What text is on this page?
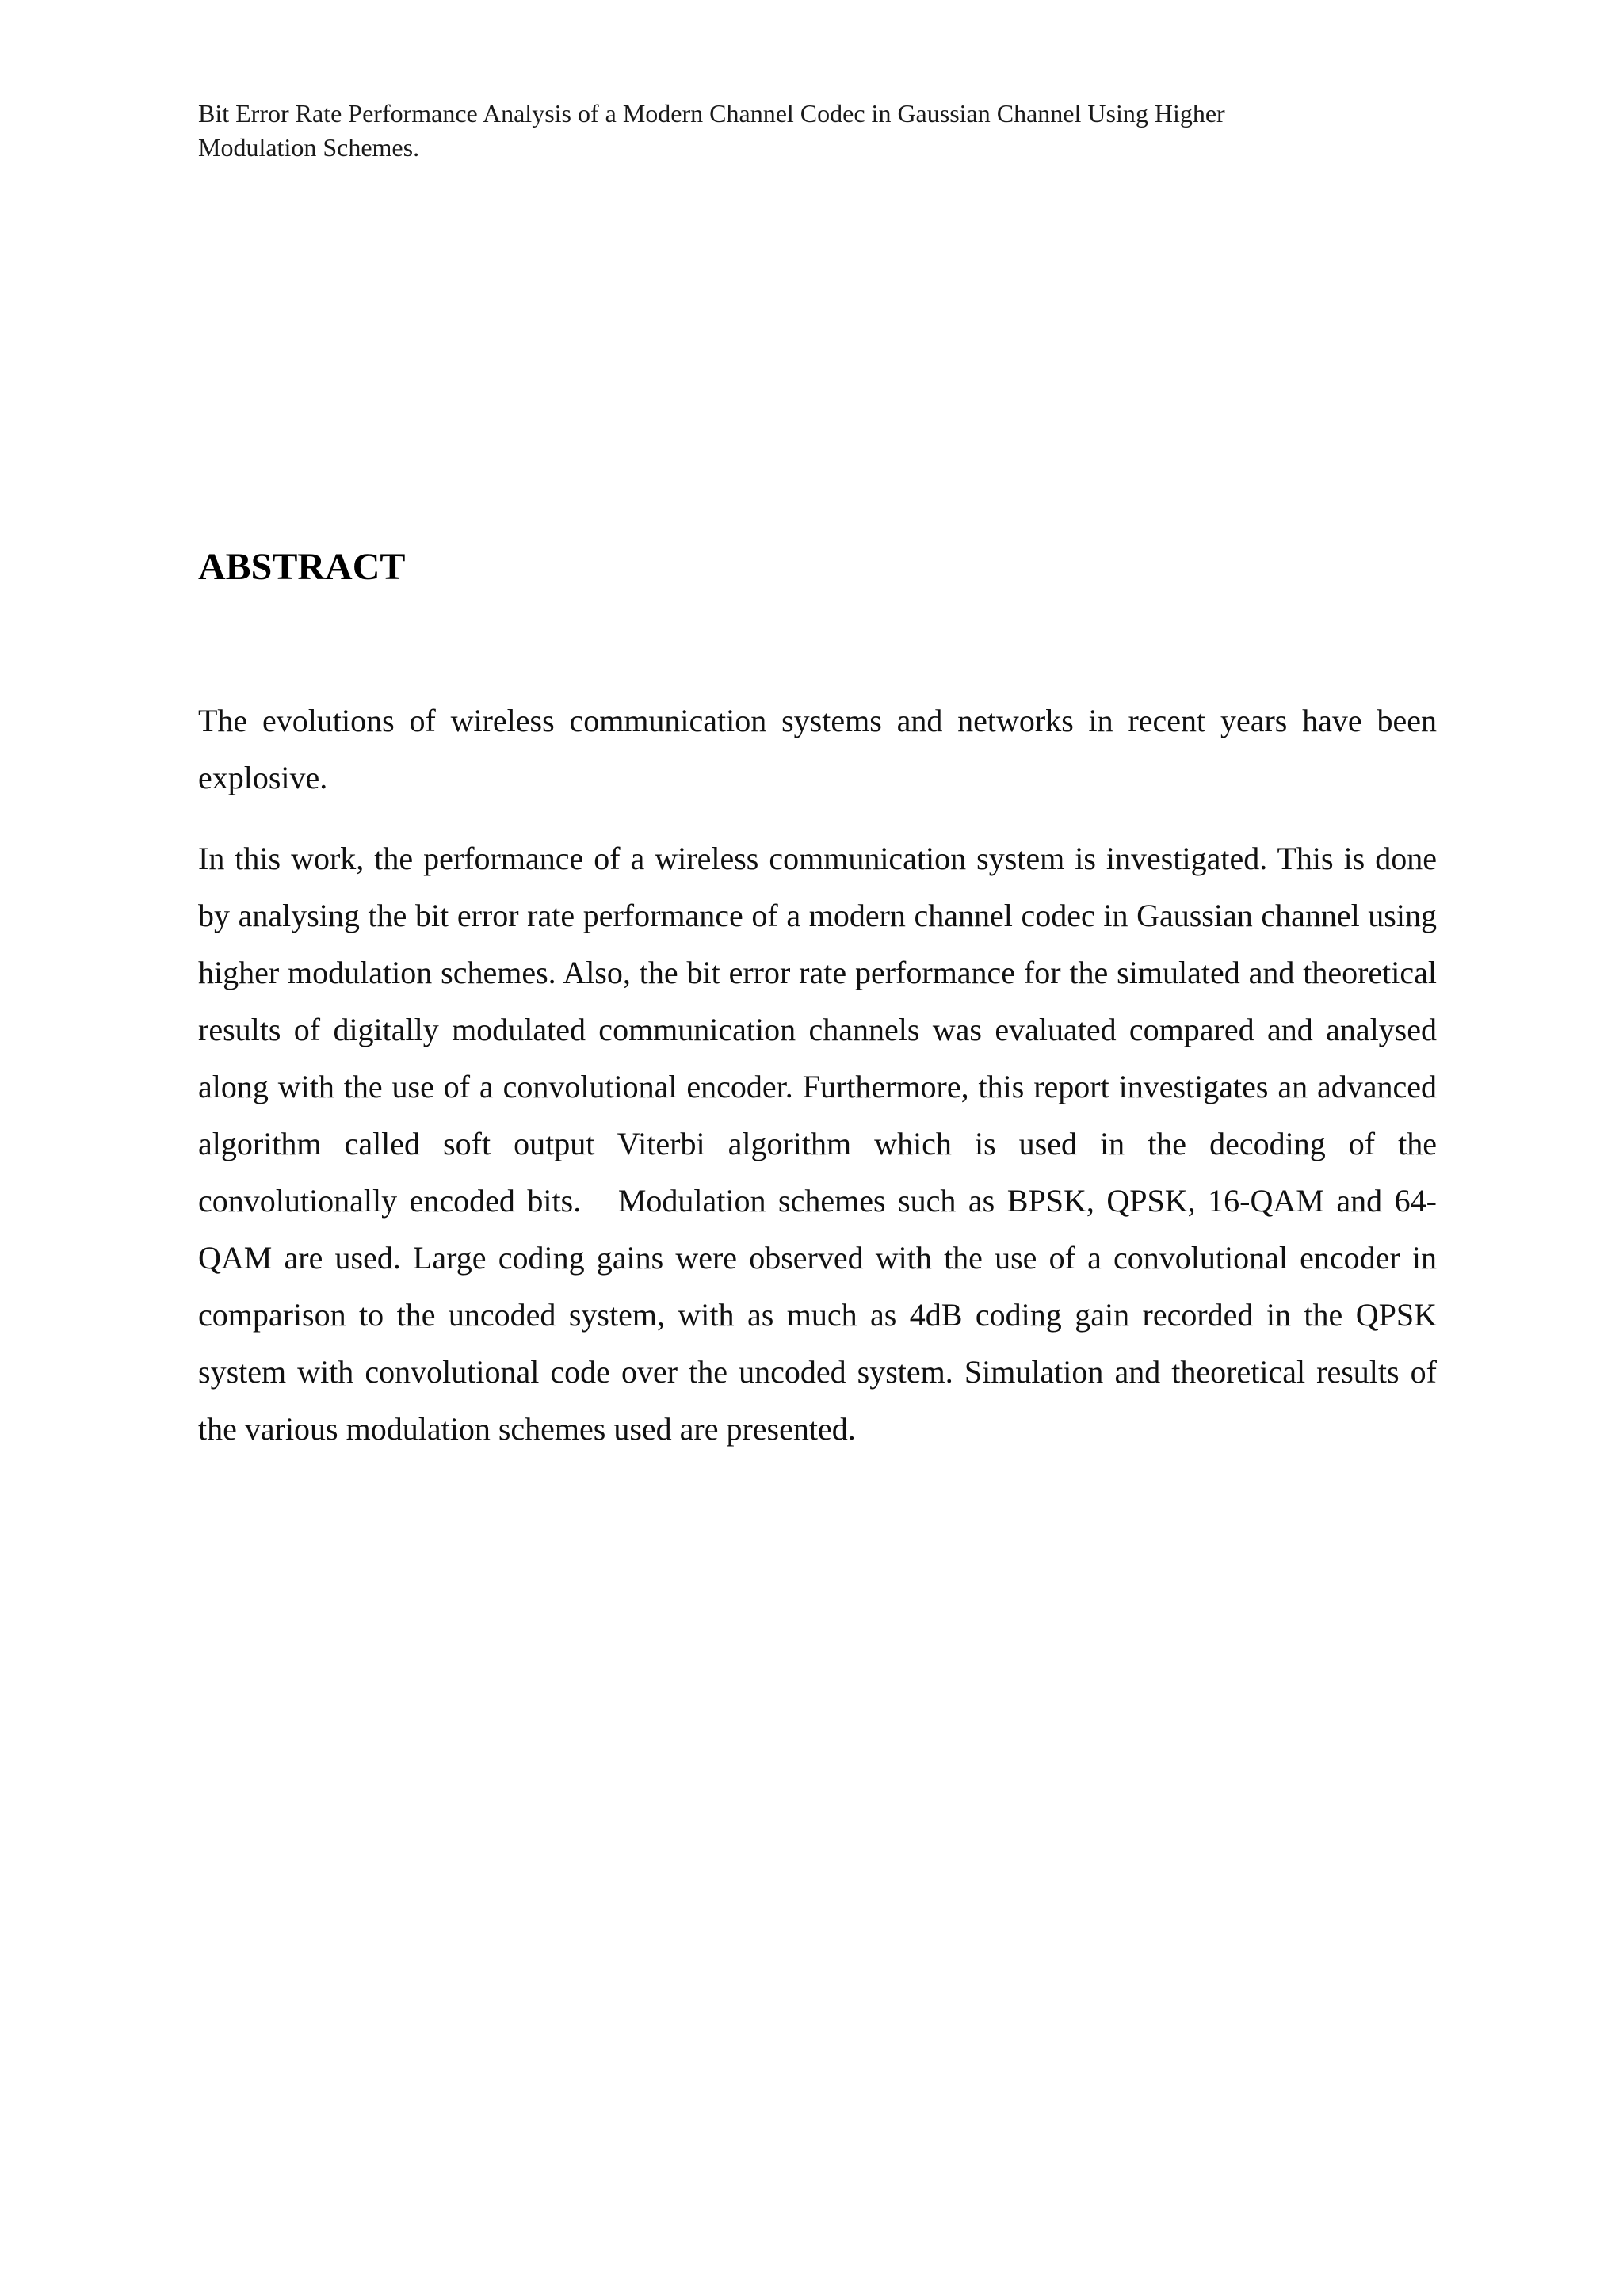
Bit Error Rate Performance Analysis of a Modern Channel Codec in Gaussian Channel Using Higher Modulation Schemes.
ABSTRACT

The evolutions of wireless communication systems and networks in recent years have been explosive.

In this work, the performance of a wireless communication system is investigated. This is done by analysing the bit error rate performance of a modern channel codec in Gaussian channel using higher modulation schemes. Also, the bit error rate performance for the simulated and theoretical results of digitally modulated communication channels was evaluated compared and analysed along with the use of a convolutional encoder. Furthermore, this report investigates an advanced algorithm called soft output Viterbi algorithm which is used in the decoding of the convolutionally encoded bits.   Modulation schemes such as BPSK, QPSK, 16-QAM and 64-QAM are used. Large coding gains were observed with the use of a convolutional encoder in comparison to the uncoded system, with as much as 4dB coding gain recorded in the QPSK system with convolutional code over the uncoded system. Simulation and theoretical results of the various modulation schemes used are presented.
